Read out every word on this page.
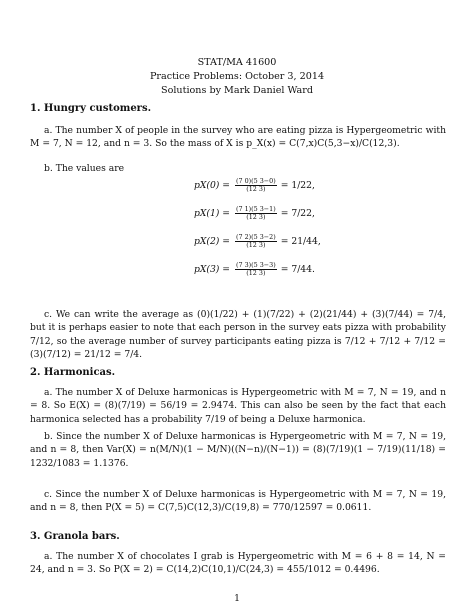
STAT/MA 41600
Practice Problems: October 3, 2014
Solutions by Mark Daniel Ward
1. Hungry customers.
a. The number X of people in the survey who are eating pizza is Hypergeometric with M = 7, N = 12, and n = 3. So the mass of X is p_X(x) = C(7,x)C(5,3−x)/C(12,3).
b. The values are
$pX(0) = \frac{(7 0)(5 3-0)}{(12 3)} = 1/22$,
$pX(1) = \frac{(7 1)(5 3-1)}{(12 3)} = 7/22$,
$pX(2) = \frac{(7 2)(5 3-2)}{(12 3)} = 21/44$,
$pX(3) = \frac{(7 3)(5 3-3)}{(12 3)} = 7/44$.
c. We can write the average as (0)(1/22) + (1)(7/22) + (2)(21/44) + (3)(7/44) = 7/4, but it is perhaps easier to note that each person in the survey eats pizza with probability 7/12, so the average number of survey participants eating pizza is 7/12 + 7/12 + 7/12 = (3)(7/12) = 21/12 = 7/4.
2. Harmonicas.
a. The number X of Deluxe harmonicas is Hypergeometric with M = 7, N = 19, and n = 8. So E(X) = (8)(7/19) = 56/19 = 2.9474. This can also be seen by the fact that each harmonica selected has a probability 7/19 of being a Deluxe harmonica.
b. Since the number X of Deluxe harmonicas is Hypergeometric with M = 7, N = 19, and n = 8, then Var(X) = n(M/N)(1 − M/N)((N−n)/(N−1)) = (8)(7/19)(1 − 7/19)(11/18) = 1232/1083 = 1.1376.
c. Since the number X of Deluxe harmonicas is Hypergeometric with M = 7, N = 19, and n = 8, then P(X = 5) = C(7,5)C(12,3)/C(19,8) = 770/12597 = 0.0611.
3. Granola bars.
a. The number X of chocolates I grab is Hypergeometric with M = 6 + 8 = 14, N = 24, and n = 3. So P(X = 2) = C(14,2)C(10,1)/C(24,3) = 455/1012 = 0.4496.
1
